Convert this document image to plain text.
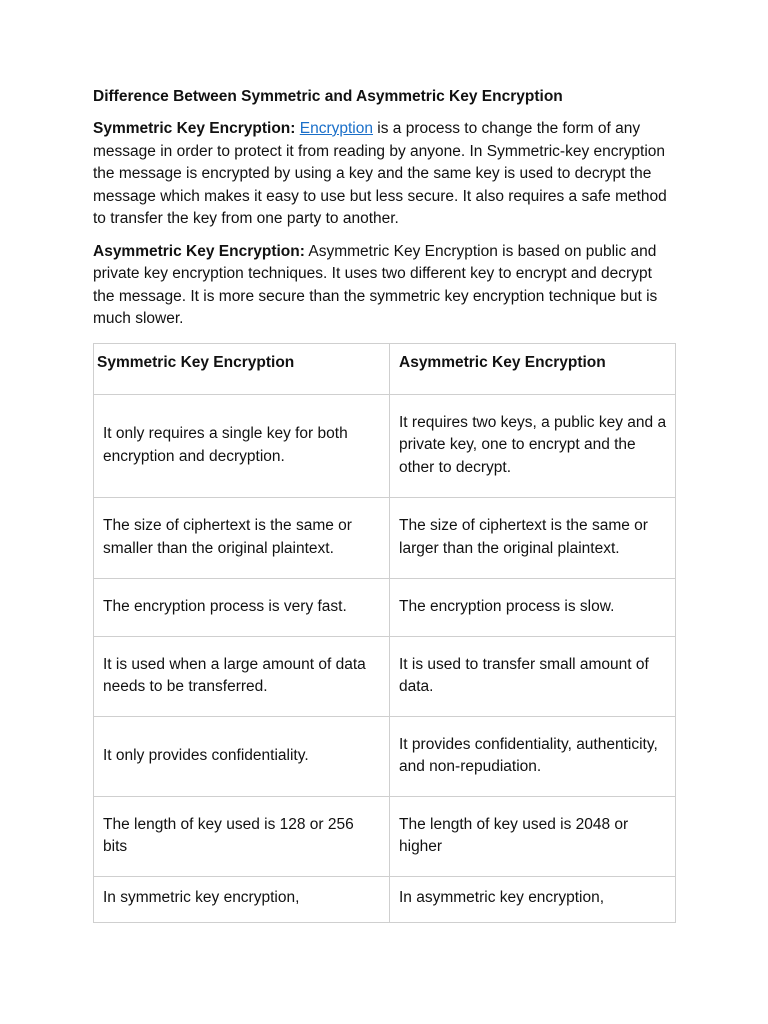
Difference Between Symmetric and Asymmetric Key Encryption

Symmetric Key Encryption: Encryption is a process to change the form of any message in order to protect it from reading by anyone. In Symmetric-key encryption the message is encrypted by using a key and the same key is used to decrypt the message which makes it easy to use but less secure. It also requires a safe method to transfer the key from one party to another.

Asymmetric Key Encryption: Asymmetric Key Encryption is based on public and private key encryption techniques. It uses two different key to encrypt and decrypt the message. It is more secure than the symmetric key encryption technique but is much slower.

Symmetric Key Encryption	Asymmetric Key Encryption
It only requires a single key for both encryption and decryption.	It requires two keys, a public key and a private key, one to encrypt and the other to decrypt.
The size of ciphertext is the same or smaller than the original plaintext.	The size of ciphertext is the same or larger than the original plaintext.
The encryption process is very fast.	The encryption process is slow.
It is used when a large amount of data needs to be transferred.	It is used to transfer small amount of data.
It only provides confidentiality.	It provides confidentiality, authenticity, and non-repudiation.
The length of key used is 128 or 256 bits	The length of key used is 2048 or higher
In symmetric key encryption,	In asymmetric key encryption,
